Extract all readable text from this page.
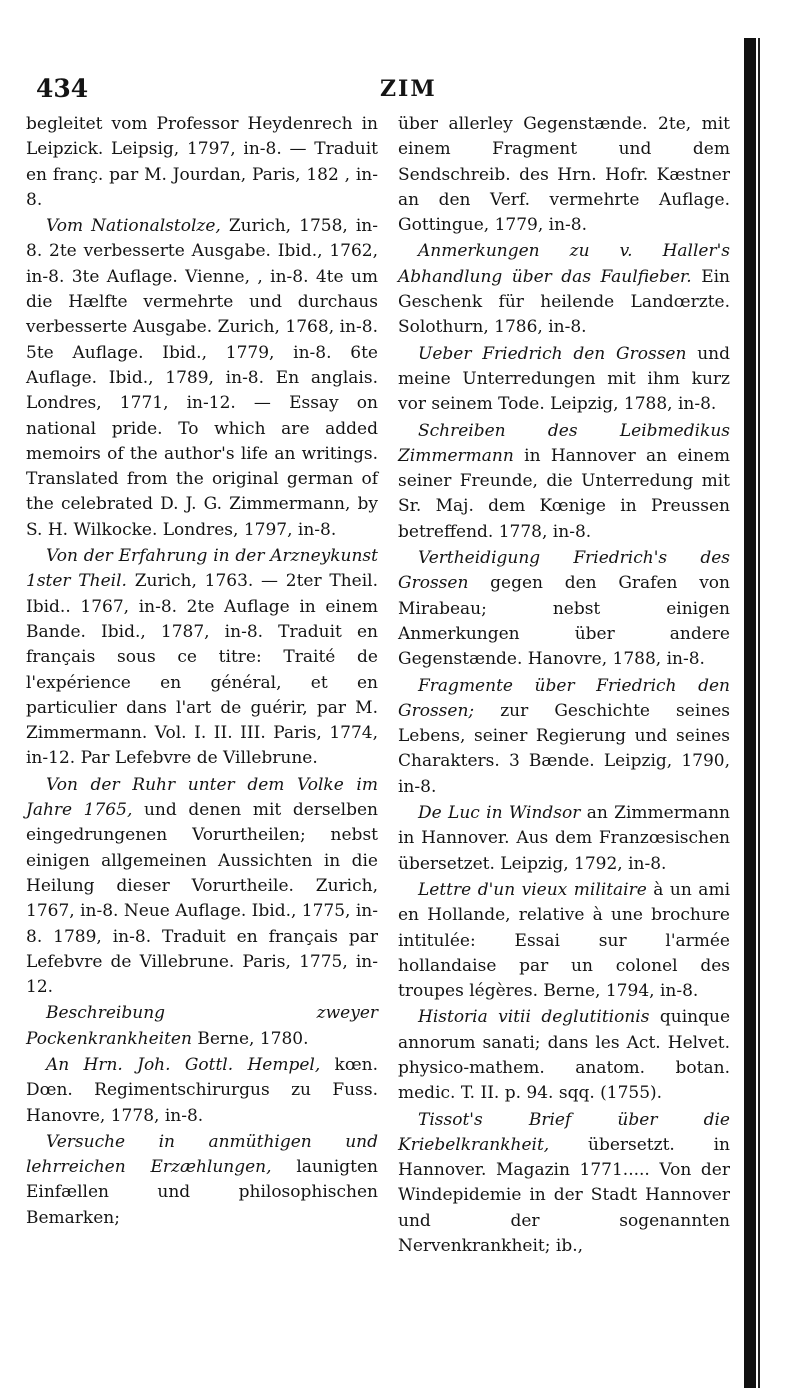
434	ZIM

begleitet vom Professor Heydenrech in Leipzick. Leipsig, 1797, in-8. — Traduit en franç. par M. Jourdan, Paris, 182 , in-8.

Vom Nationalstolze, Zurich, 1758, in-8. 2te verbesserte Ausgabe. Ibid., 1762, in-8. 3te Auflage. Vienne, , in-8. 4te um die Hælfte vermehrte und durchaus verbesserte Ausgabe. Zurich, 1768, in-8. 5te Auflage. Ibid., 1779, in-8. 6te Auflage. Ibid., 1789, in-8. En anglais. Londres, 1771, in-12. — Essay on national pride. To which are added memoirs of the author's life an writings. Translated from the original german of the celebrated D. J. G. Zimmermann, by S. H. Wilkocke. Londres, 1797, in-8.

Von der Erfahrung in der Arzneykunst 1ster Theil. Zurich, 1763. — 2ter Theil. Ibid.. 1767, in-8. 2te Auflage in einem Bande. Ibid., 1787, in-8. Traduit en français sous ce titre: Traité de l'expérience en général, et en particulier dans l'art de guérir, par M. Zimmermann. Vol. I. II. III. Paris, 1774, in-12. Par Lefebvre de Villebrune.

Von der Ruhr unter dem Volke im Jahre 1765, und denen mit derselben eingedrungenen Vorurtheilen; nebst einigen allgemeinen Aussichten in die Heilung dieser Vorurtheile. Zurich, 1767, in-8. Neue Auflage. Ibid., 1775, in-8. 1789, in-8. Traduit en français par Lefebvre de Villebrune. Paris, 1775, in-12.

Beschreibung zweyer Pockenkrankheiten Berne, 1780.

An Hrn. Joh. Gottl. Hempel, kœn. Dœn. Regimentschirurgus zu Fuss. Hanovre, 1778, in-8.

Versuche in anmüthigen und lehrreichen Erzæhlungen, launigten Einfællen und philosophischen Bemarken;

über allerley Gegenstænde. 2te, mit einem Fragment und dem Sendschreib. des Hrn. Hofr. Kæstner an den Verf. vermehrte Auflage. Gottingue, 1779, in-8.

Anmerkungen zu v. Haller's Abhandlung über das Faulfieber. Ein Geschenk für heilende Landœrzte. Solothurn, 1786, in-8.

Ueber Friedrich den Grossen und meine Unterredungen mit ihm kurz vor seinem Tode. Leipzig, 1788, in-8.

Schreiben des Leibmedikus Zimmermann in Hannover an einem seiner Freunde, die Unterredung mit Sr. Maj. dem Kœnige in Preussen betreffend. 1778, in-8.

Vertheidigung Friedrich's des Grossen gegen den Grafen von Mirabeau; nebst einigen Anmerkungen über andere Gegenstænde. Hanovre, 1788, in-8.

Fragmente über Friedrich den Grossen; zur Geschichte seines Lebens, seiner Regierung und seines Charakters. 3 Bænde. Leipzig, 1790, in-8.

De Luc in Windsor an Zimmermann in Hannover. Aus dem Franzœsischen übersetzet. Leipzig, 1792, in-8.

Lettre d'un vieux militaire à un ami en Hollande, relative à une brochure intitulée: Essai sur l'armée hollandaise par un colonel des troupes légères. Berne, 1794, in-8.

Historia vitii deglutitionis quinque annorum sanati; dans les Act. Helvet. physico-mathem. anatom. botan. medic. T. II. p. 94. sqq. (1755).

Tissot's Brief über die Kriebelkrankheit, übersetzt. in Hannover. Magazin 1771..... Von der Windepidemie in der Stadt Hannover und der sogenannten Nervenkrankheit; ib.,
